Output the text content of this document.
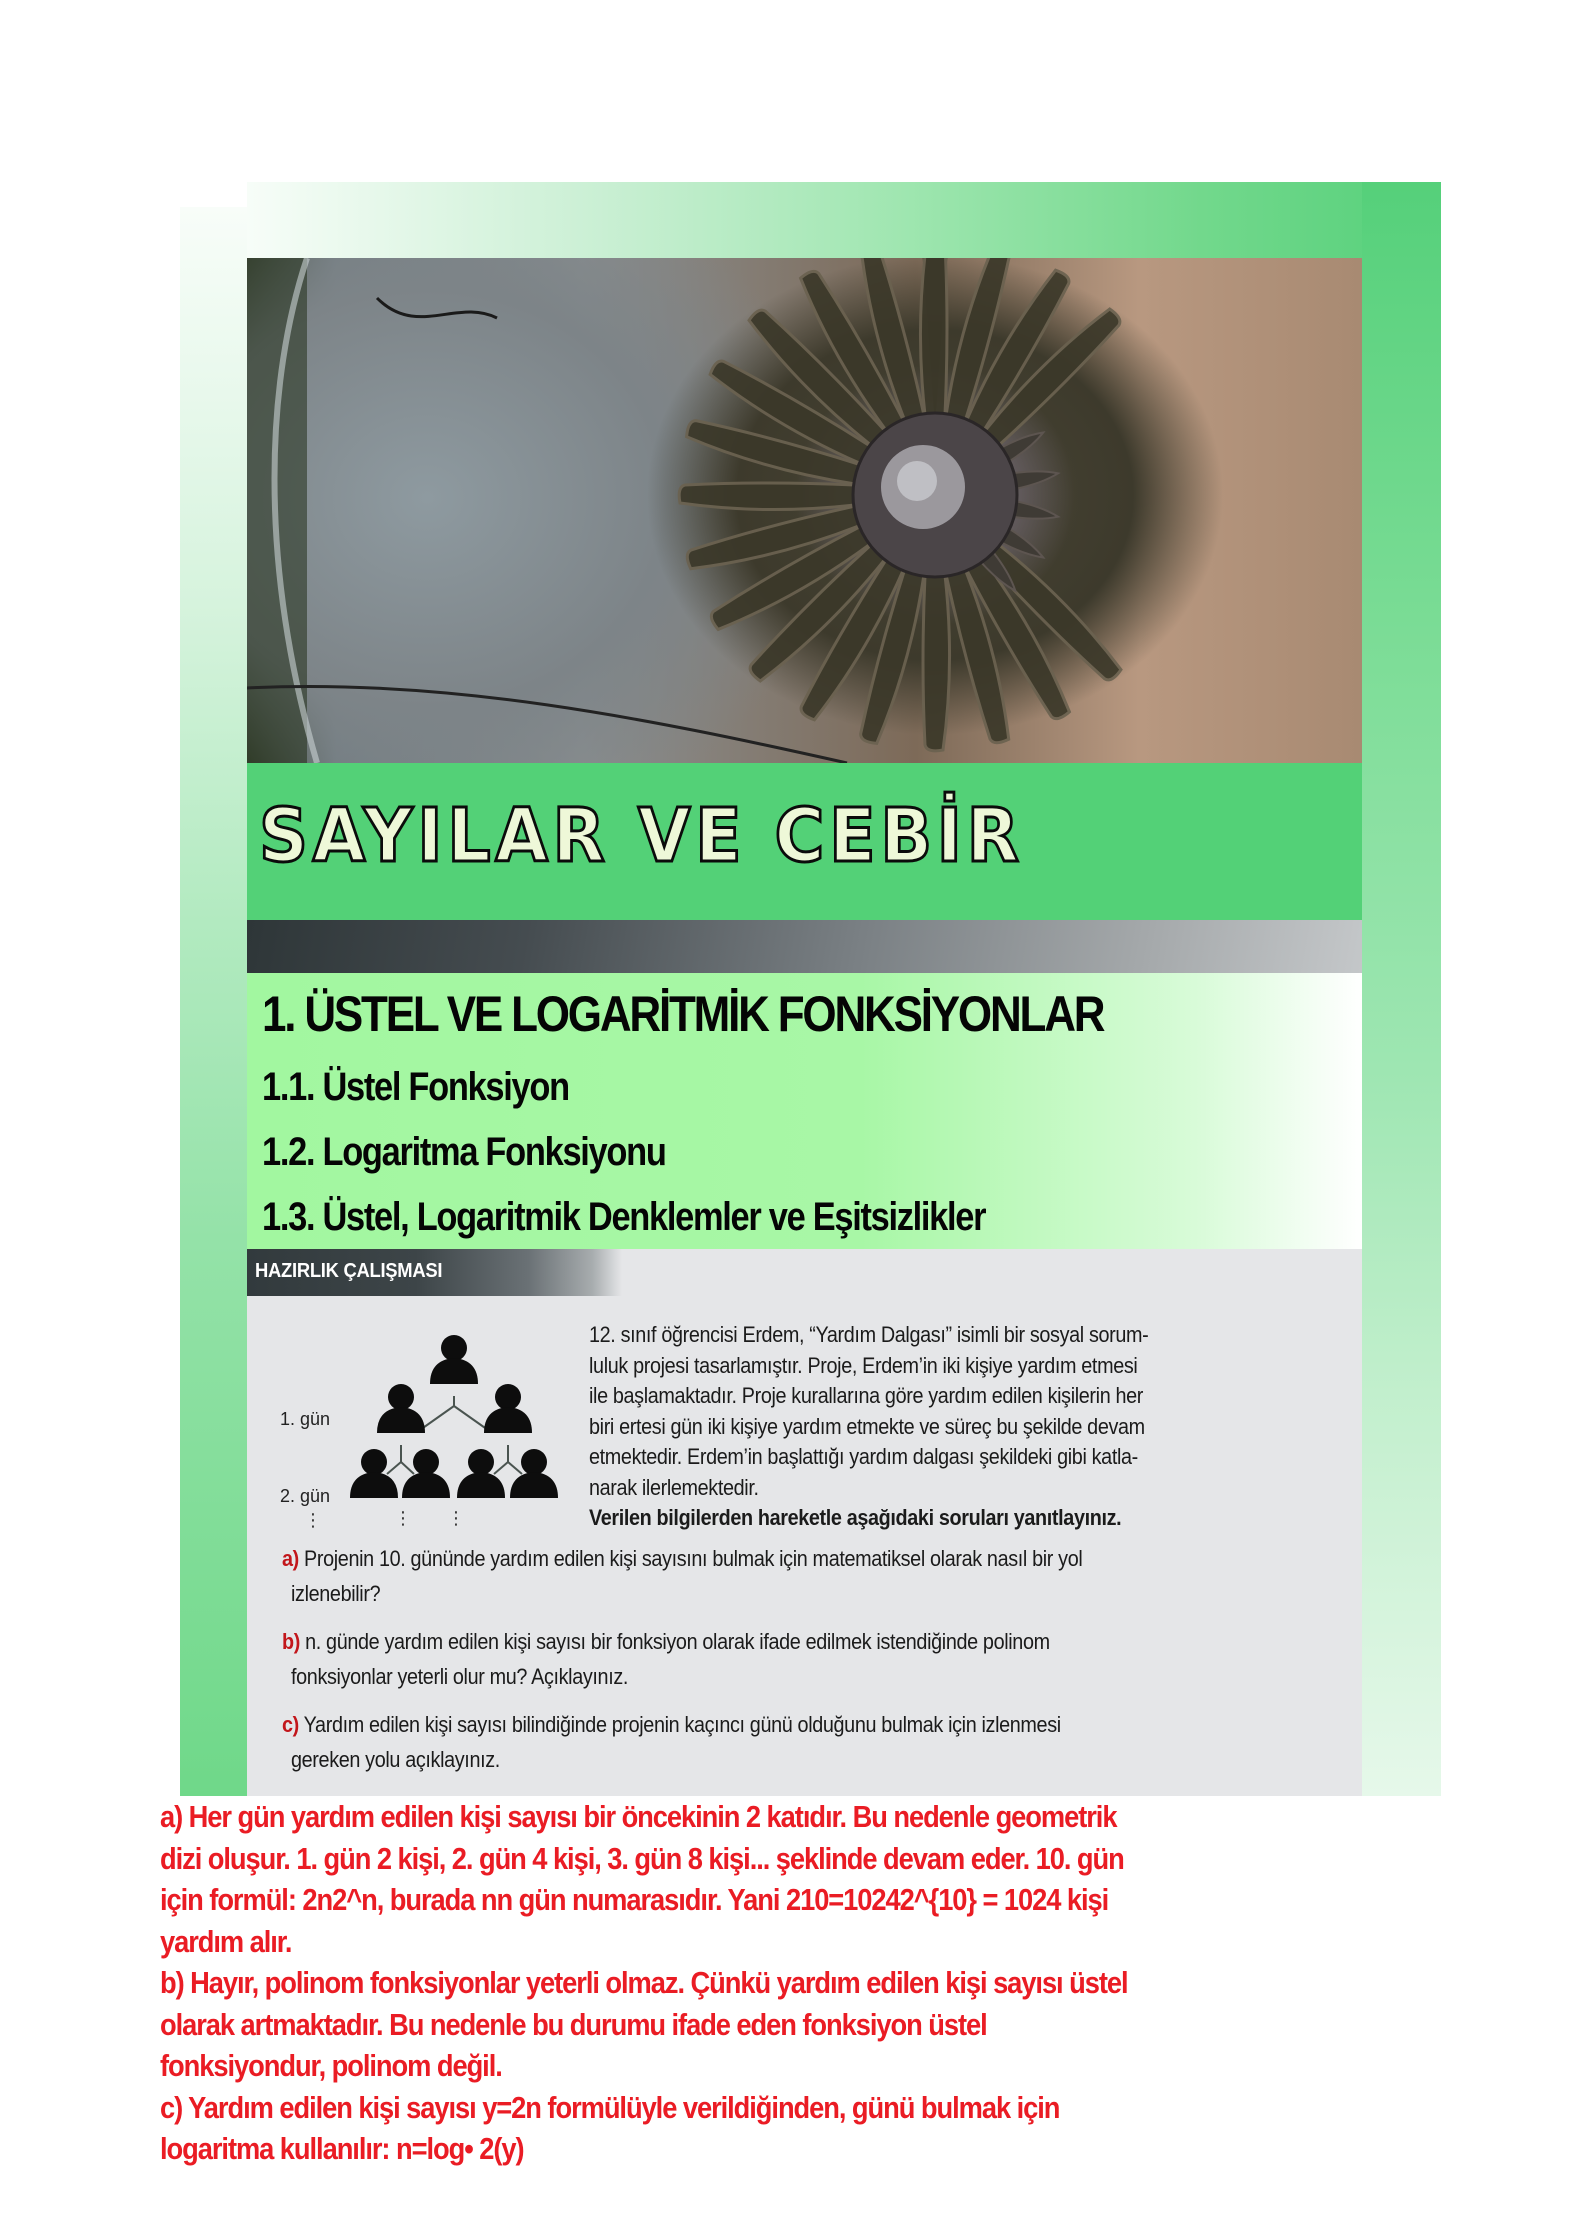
SAYILAR VE CEBİR
1. ÜSTEL VE LOGARİTMİK FONKSİYONLAR
1.1. Üstel Fonksiyon
1.2. Logaritma Fonksiyonu
1.3. Üstel, Logaritmik Denklemler ve Eşitsizlikler
HAZIRLIK ÇALIŞMASI
1. gün
2. gün
⋮	⋮ ⋮

12. sınıf öğrencisi Erdem, “Yardım Dalgası” isimli bir sosyal sorum-

luluk projesi tasarlamıştır. Proje, Erdem’in iki kişiye yardım etmesi

ile başlamaktadır. Proje kurallarına göre yardım edilen kişilerin her

biri ertesi gün iki kişiye yardım etmekte ve süreç bu şekilde devam

etmektedir. Erdem’in başlattığı yardım dalgası şekildeki gibi katla-

narak ilerlemektedir.

Verilen bilgilerden hareketle aşağıdaki soruları yanıtlayınız.

a) Projenin 10. gününde yardım edilen kişi sayısını bulmak için matematiksel olarak nasıl bir yol

izlenebilir?

b) n. günde yardım edilen kişi sayısı bir fonksiyon olarak ifade edilmek istendiğinde polinom

fonksiyonlar yeterli olur mu? Açıklayınız.

c) Yardım edilen kişi sayısı bilindiğinde projenin kaçıncı günü olduğunu bulmak için izlenmesi

gereken yolu açıklayınız.

a) Her gün yardım edilen kişi sayısı bir öncekinin 2 katıdır. Bu nedenle geometrik

dizi oluşur. 1. gün 2 kişi, 2. gün 4 kişi, 3. gün 8 kişi... şeklinde devam eder. 10. gün

için formül: 2n2^n, burada nn gün numarasıdır. Yani 210=10242^{10} = 1024 kişi

yardım alır.

b) Hayır, polinom fonksiyonlar yeterli olmaz. Çünkü yardım edilen kişi sayısı üstel

olarak artmaktadır. Bu nedenle bu durumu ifade eden fonksiyon üstel

fonksiyondur, polinom değil.

c) Yardım edilen kişi sayısı y=2n formülüyle verildiğinden, günü bulmak için

logaritma kullanılır: n=log• 2(y)
